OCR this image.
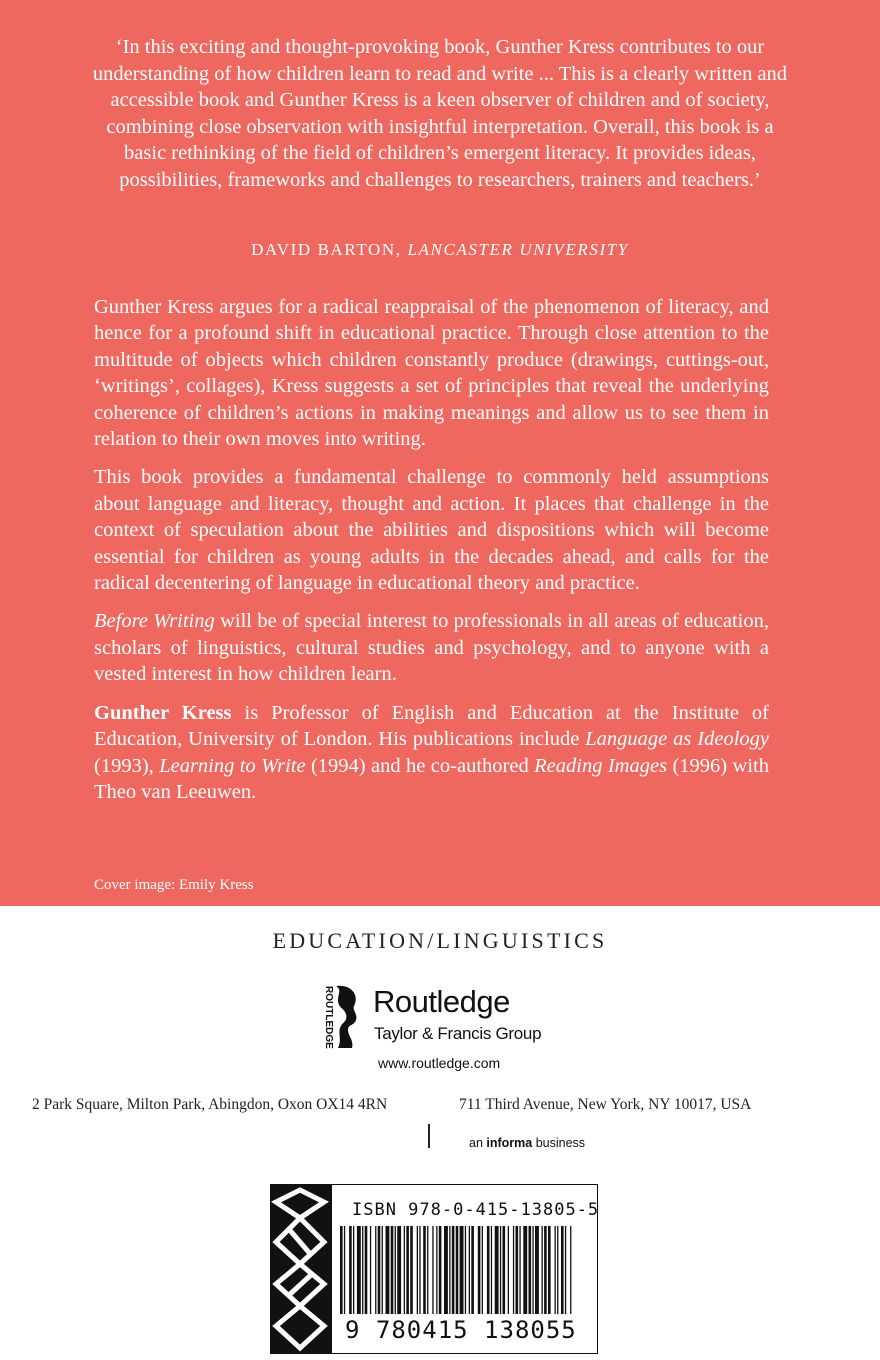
‘In this exciting and thought-provoking book, Gunther Kress contributes to our understanding of how children learn to read and write ... This is a clearly written and accessible book and Gunther Kress is a keen observer of children and of society, combining close observation with insightful interpretation. Overall, this book is a basic rethinking of the field of children’s emergent literacy. It provides ideas, possibilities, frameworks and challenges to researchers, trainers and teachers.’
DAVID BARTON, LANCASTER UNIVERSITY

Gunther Kress argues for a radical reappraisal of the phenomenon of literacy, and hence for a profound shift in educational practice. Through close attention to the multitude of objects which children constantly produce (drawings, cuttings-out, ‘writings’, collages), Kress suggests a set of principles that reveal the underlying coherence of children’s actions in making meanings and allow us to see them in relation to their own moves into writing.

This book provides a fundamental challenge to commonly held assumptions about language and literacy, thought and action. It places that challenge in the context of speculation about the abilities and dispositions which will become essential for children as young adults in the decades ahead, and calls for the radical decentering of language in educational theory and practice.

Before Writing will be of special interest to professionals in all areas of education, scholars of linguistics, cultural studies and psychology, and to anyone with a vested interest in how children learn.

Gunther Kress is Professor of English and Education at the Institute of Education, University of London. His publications include Language as Ideology (1993), Learning to Write (1994) and he co-authored Reading Images (1996) with Theo van Leeuwen.

Cover image: Emily Kress
EDUCATION/LINGUISTICS
ROUTLEDGE Routledge
Taylor & Francis Group
www.routledge.com
2 Park Square, Milton Park, Abingdon, Oxon OX14 4RN	711 Third Avenue, New York, NY 10017, USA
an informa business
ISBN 978-0-415-13805-5
9 780415 138055
